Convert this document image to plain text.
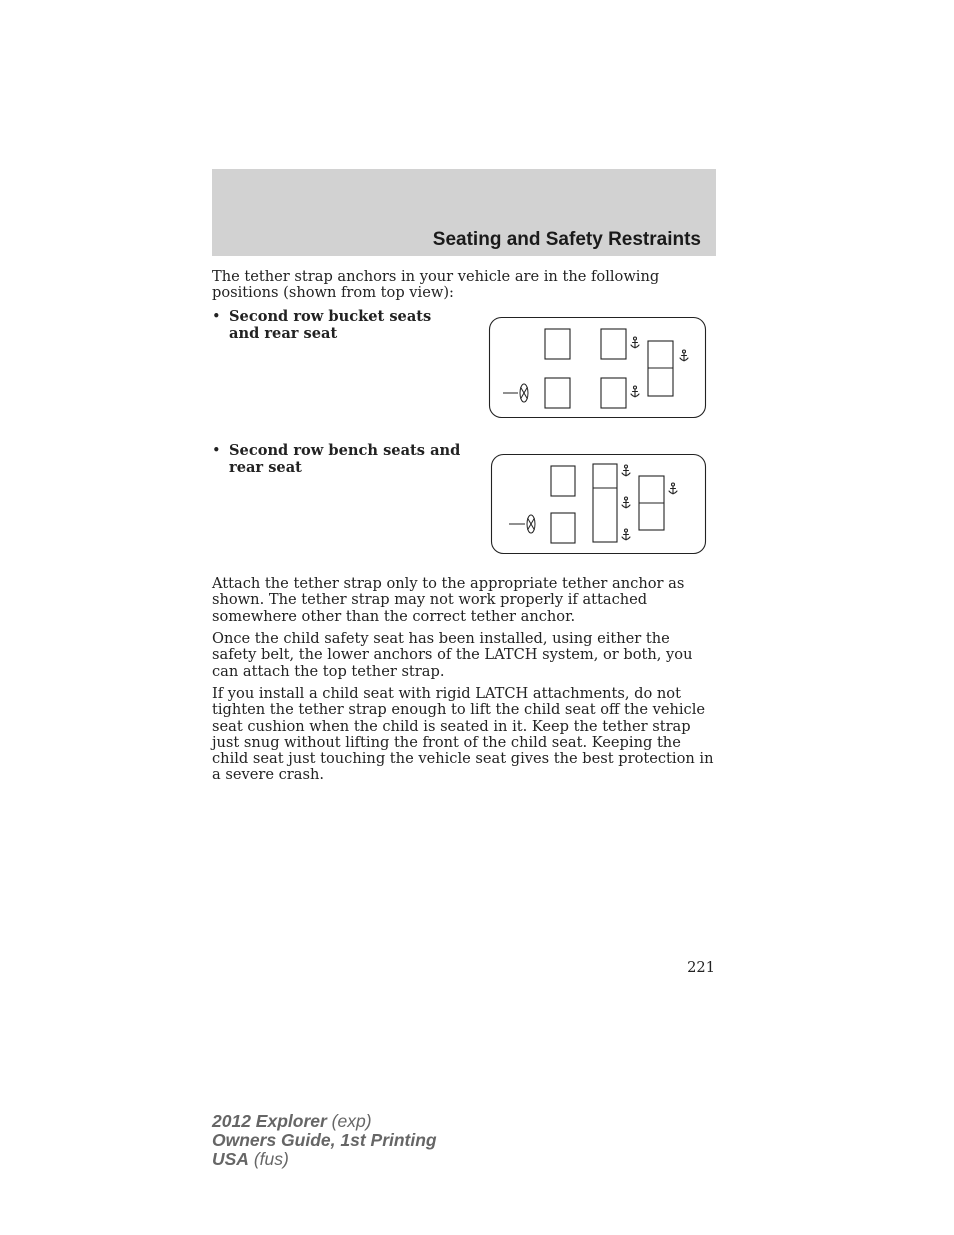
Seating and Safety Restraints

The tether strap anchors in your vehicle are in the following positions (shown from top view):

• Second row bucket seats and rear seat
• Second row bench seats and rear seat

Attach the tether strap only to the appropriate tether anchor as shown. The tether strap may not work properly if attached somewhere other than the correct tether anchor.

Once the child safety seat has been installed, using either the safety belt, the lower anchors of the LATCH system, or both, you can attach the top tether strap.

If you install a child seat with rigid LATCH attachments, do not tighten the tether strap enough to lift the child seat off the vehicle seat cushion when the child is seated in it. Keep the tether strap just snug without lifting the front of the child seat. Keeping the child seat just touching the vehicle seat gives the best protection in a severe crash.

221
2012 Explorer (exp)
Owners Guide, 1st Printing
USA (fus)
